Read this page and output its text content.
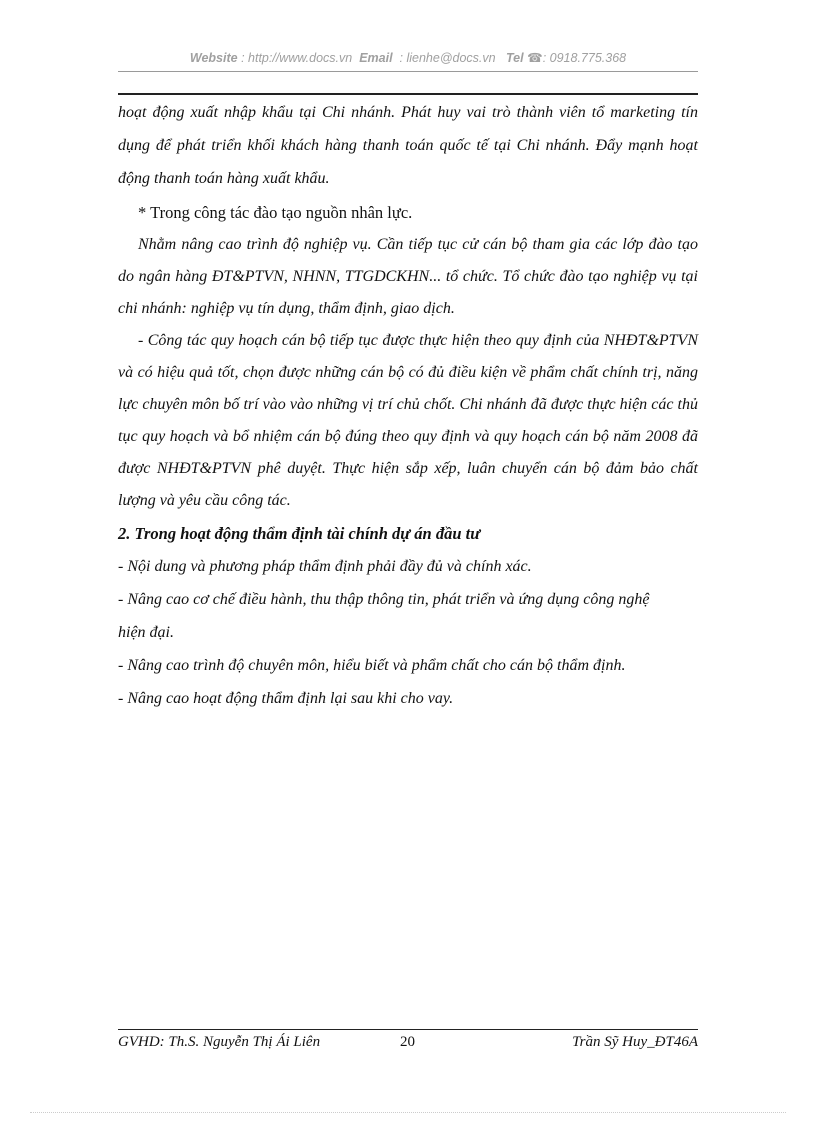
Website : http://www.docs.vn Email : lienhe@docs.vn Tel ☎: 0918.775.368

hoạt động xuất nhập khẩu tại Chi nhánh. Phát huy vai trò thành viên tổ marketing tín dụng để phát triển khối khách hàng thanh toán quốc tế tại Chi nhánh. Đẩy mạnh hoạt động thanh toán hàng xuất khẩu.

* Trong công tác đào tạo nguồn nhân lực.

Nhằm nâng cao trình độ nghiệp vụ. Cần tiếp tục cử cán bộ tham gia các lớp đào tạo do ngân hàng ĐT&PTVN, NHNN, TTGDCKHN... tổ chức. Tổ chức đào tạo nghiệp vụ tại chi nhánh: nghiệp vụ tín dụng, thẩm định, giao dịch.

- Công tác quy hoạch cán bộ tiếp tục được thực hiện theo quy định của NHĐT&PTVN và có hiệu quả tốt, chọn được những cán bộ có đủ điều kiện về phẩm chất chính trị, năng lực chuyên môn bố trí vào vào những vị trí chủ chốt. Chi nhánh đã được thực hiện các thủ tục quy hoạch và bổ nhiệm cán bộ đúng theo quy định và quy hoạch cán bộ năm 2008 đã được NHĐT&PTVN phê duyệt. Thực hiện sắp xếp, luân chuyển cán bộ đảm bảo chất lượng và yêu cầu công tác.

2. Trong hoạt động thẩm định tài chính dự án đầu tư

- Nội dung và phương pháp thẩm định phải đầy đủ và chính xác.

- Nâng cao cơ chế điều hành, thu thập thông tin, phát triển và ứng dụng công nghệ hiện đại.

- Nâng cao trình độ chuyên môn, hiểu biết và phẩm chất cho cán bộ thẩm định.

- Nâng cao hoạt động thẩm định lại sau khi cho vay.

GVHD: Th.S. Nguyễn Thị Ái Liên	20	Trần Sỹ Huy_ĐT46A
